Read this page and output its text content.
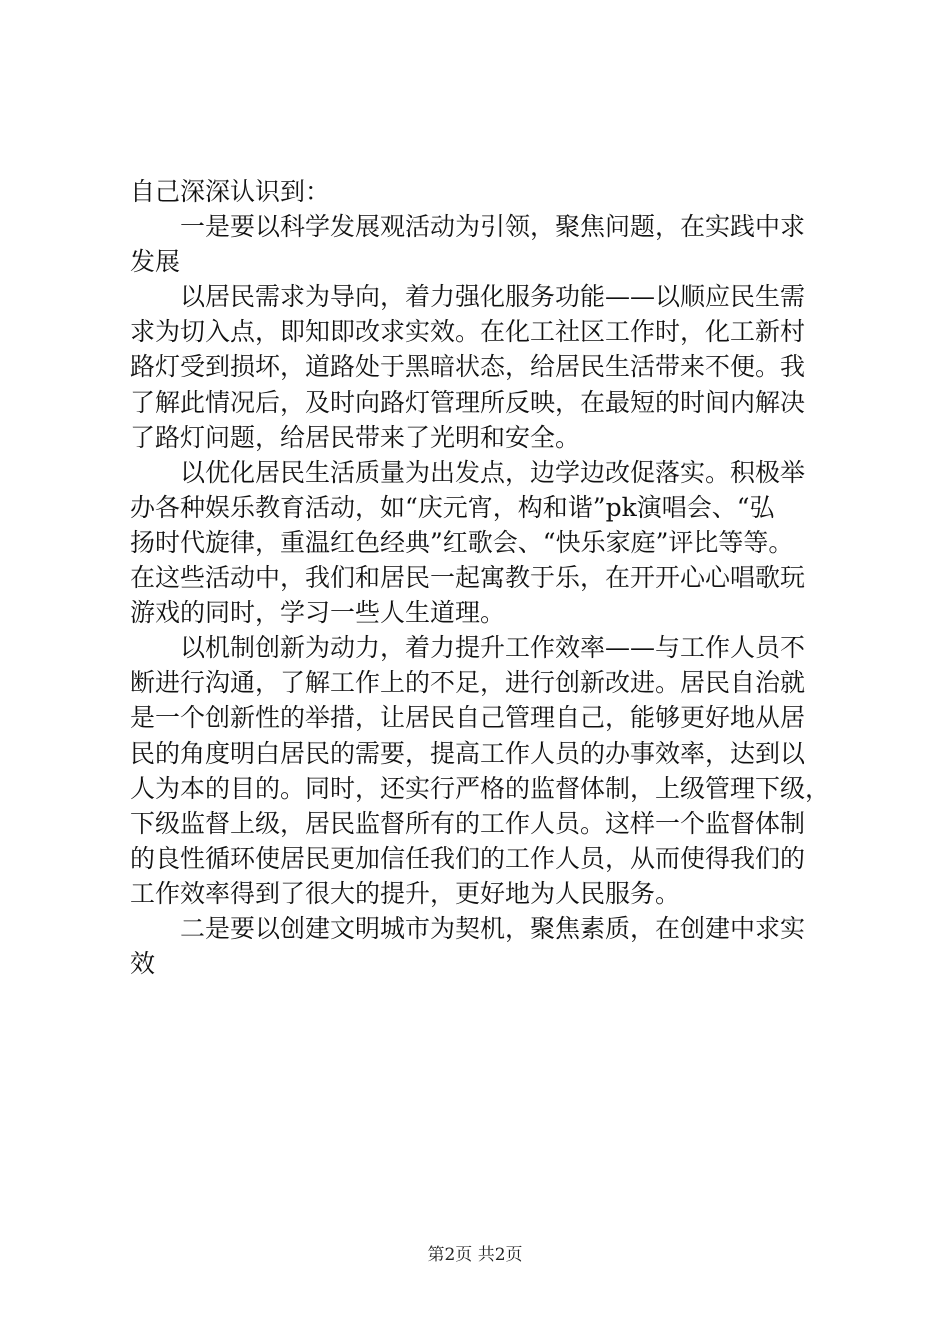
自己深深认识到：
一是要以科学发展观活动为引领，聚焦问题，在实践中求
发展
以居民需求为导向，着力强化服务功能——以顺应民生需
求为切入点，即知即改求实效。在化工社区工作时，化工新村
路灯受到损坏，道路处于黑暗状态，给居民生活带来不便。我
了解此情况后，及时向路灯管理所反映，在最短的时间内解决
了路灯问题，给居民带来了光明和安全。
以优化居民生活质量为出发点，边学边改促落实。积极举
办各种娱乐教育活动，如“庆元宵，构和谐”pk演唱会、“弘
扬时代旋律，重温红色经典”红歌会、“快乐家庭”评比等等。
在这些活动中，我们和居民一起寓教于乐，在开开心心唱歌玩
游戏的同时，学习一些人生道理。
以机制创新为动力，着力提升工作效率——与工作人员不
断进行沟通，了解工作上的不足，进行创新改进。居民自治就
是一个创新性的举措，让居民自己管理自己，能够更好地从居
民的角度明白居民的需要，提高工作人员的办事效率，达到以
人为本的目的。同时，还实行严格的监督体制，上级管理下级，
下级监督上级，居民监督所有的工作人员。这样一个监督体制
的良性循环使居民更加信任我们的工作人员，从而使得我们的
工作效率得到了很大的提升，更好地为人民服务。
二是要以创建文明城市为契机，聚焦素质，在创建中求实
效
第2页 共2页
